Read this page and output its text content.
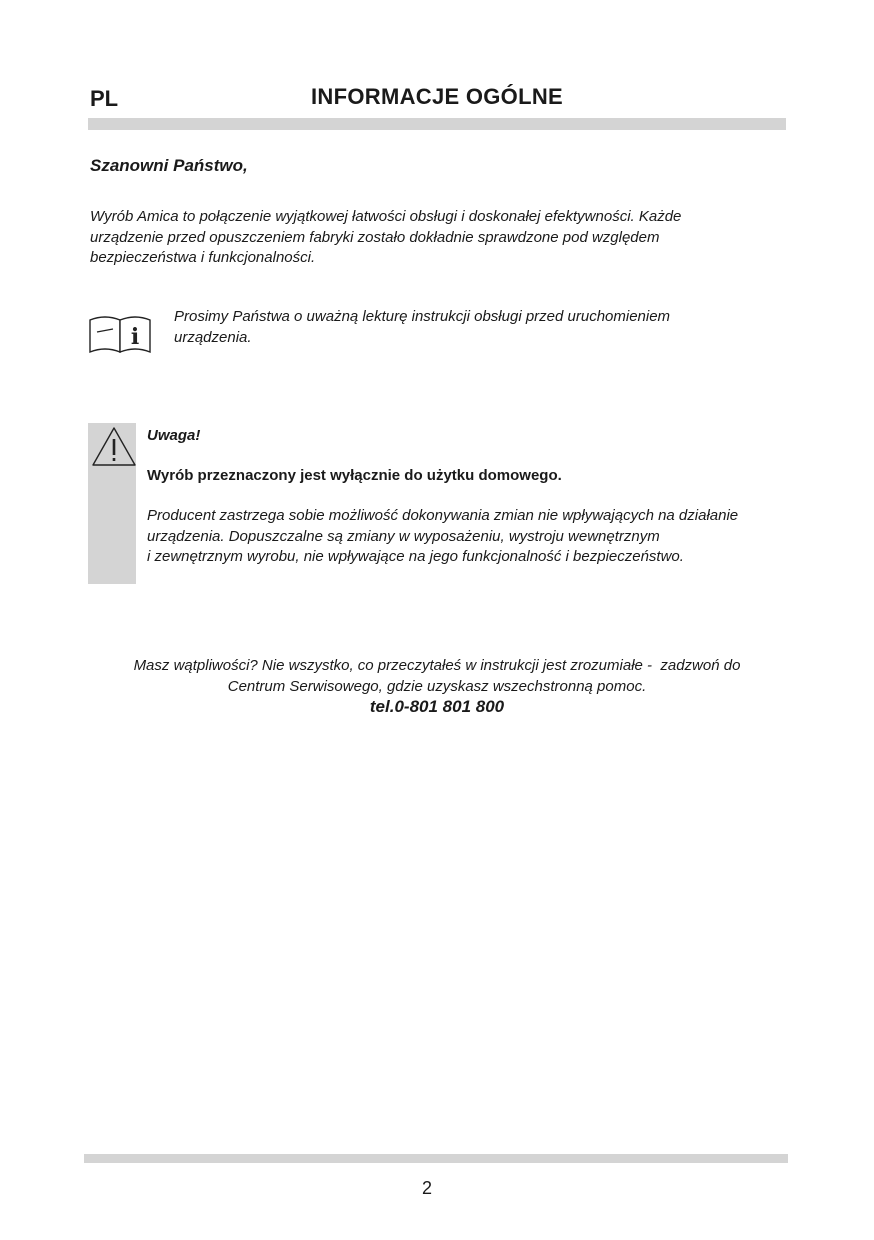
PL	INFORMACJE OGÓLNE
Szanowni Państwo,

Wyrób Amica to połączenie wyjątkowej łatwości obsługi i doskonałej efektywności. Każde

urządzenie przed opuszczeniem fabryki zostało dokładnie sprawdzone pod względem

bezpieczeństwa i funkcjonalności.

i

Prosimy Państwa o uważną lekturę instrukcji obsługi przed uruchomieniem

urządzenia.

Uwaga!
Wyrób przeznaczony jest wyłącznie do użytku domowego.

Producent zastrzega sobie możliwość dokonywania zmian nie wpływających na działanie

urządzenia. Dopuszczalne są zmiany w wyposażeniu, wystroju wewnętrznym

i zewnętrznym wyrobu, nie wpływające na jego funkcjonalność i bezpieczeństwo.

Masz wątpliwości? Nie wszystko, co przeczytałeś w instrukcji jest zrozumiałe -  zadzwoń do

Centrum Serwisowego, gdzie uzyskasz wszechstronną pomoc.

tel.0-801 801 800
2
